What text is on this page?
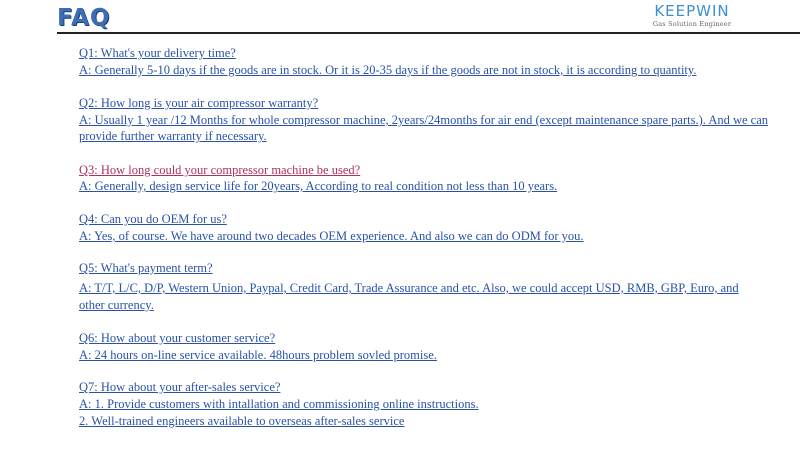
FAQ	KEEPWIN
Gas Solution Engineer
Q1: What's your delivery time?
A: Generally 5-10 days if the goods are in stock. Or it is 20-35 days if the goods are not in stock, it is according to quantity.
Q2: How long is your air compressor warranty?
A: Usually 1 year /12 Months for whole compressor machine, 2years/24months for air end (except maintenance spare parts.). And we can
provide further warranty if necessary.
Q3: How long could your compressor machine be used?
A: Generally, design service life for 20years, According to real condition not less than 10 years.
Q4: Can you do OEM for us?
A: Yes, of course. We have around two decades OEM experience. And also we can do ODM for you.
Q5: What's payment term?
A: T/T, L/C, D/P, Western Union, Paypal, Credit Card, Trade Assurance and etc. Also, we could accept USD, RMB, GBP, Euro, and
other currency.
Q6: How about your customer service?
A: 24 hours on-line service available. 48hours problem sovled promise.
Q7: How about your after-sales service?
A: 1. Provide customers with intallation and commissioning online instructions.
2. Well-trained engineers available to overseas after-sales service
